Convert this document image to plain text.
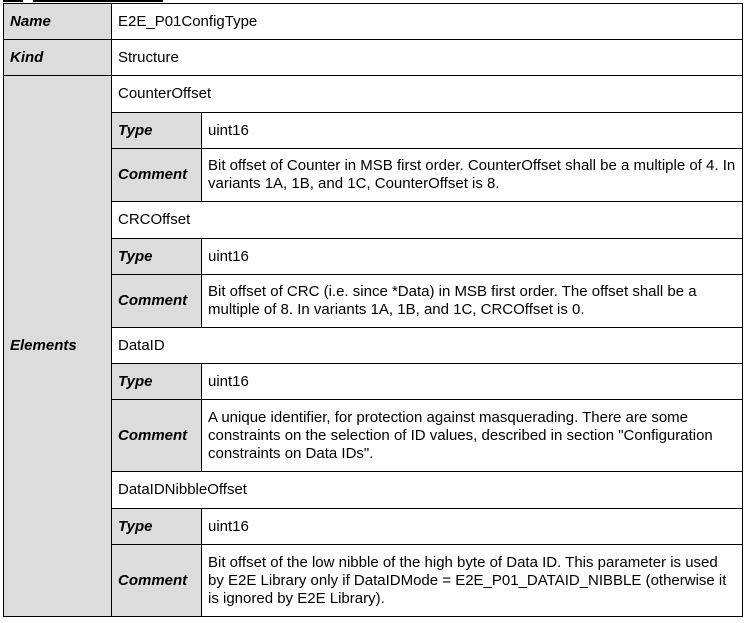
Name	E2E_P01ConfigType	
Kind	Structure	
Elements	CounterOffset	
	Type	uint16
	Comment	Bit offset of Counter in MSB first order. CounterOffset shall be a multiple of 4. In variants 1A, 1B, and 1C, CounterOffset is 8.
	CRCOffset	
	Type	uint16
	Comment	Bit offset of CRC (i.e. since *Data) in MSB first order. The offset shall be a multiple of 8. In variants 1A, 1B, and 1C, CRCOffset is 0.
	DataID	
	Type	uint16
	Comment	A unique identifier, for protection against masquerading. There are some constraints on the selection of ID values, described in section "Configuration constraints on Data IDs".
	DataIDNibbleOffset	
	Type	uint16
	Comment	Bit offset of the low nibble of the high byte of Data ID. This parameter is used by E2E Library only if DataIDMode = E2E_P01_DATAID_NIBBLE (otherwise it is ignored by E2E Library).
